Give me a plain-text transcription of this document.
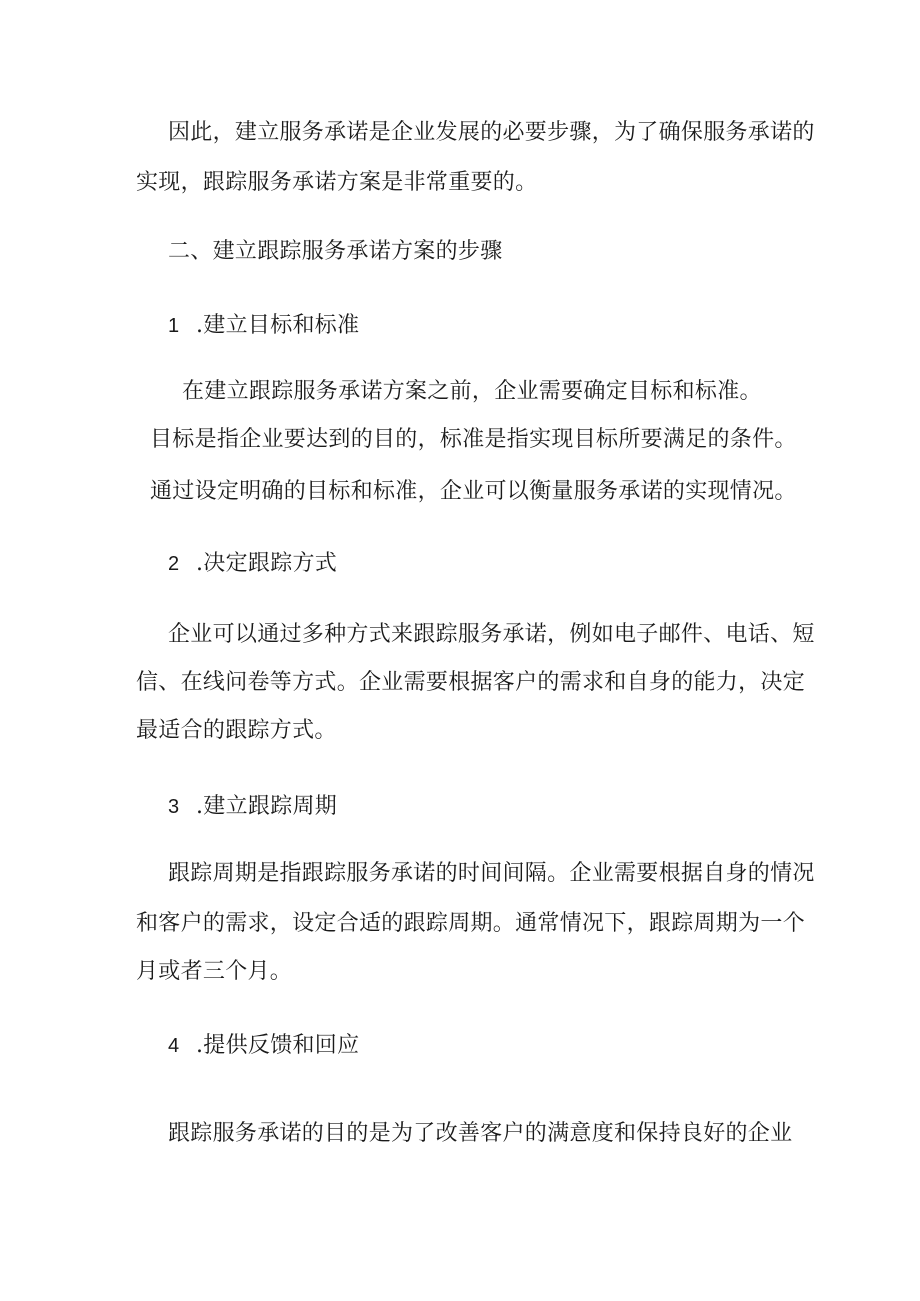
因此，建立服务承诺是企业发展的必要步骤，为了确保服务承诺的
实现，跟踪服务承诺方案是非常重要的。
二、建立跟踪服务承诺方案的步骤
1 .建立目标和标准
在建立跟踪服务承诺方案之前，企业需要确定目标和标准。
目标是指企业要达到的目的，标准是指实现目标所要满足的条件。
通过设定明确的目标和标准，企业可以衡量服务承诺的实现情况。
2 .决定跟踪方式
企业可以通过多种方式来跟踪服务承诺，例如电子邮件、电话、短
信、在线问卷等方式。企业需要根据客户的需求和自身的能力，决定
最适合的跟踪方式。
3 .建立跟踪周期
跟踪周期是指跟踪服务承诺的时间间隔。企业需要根据自身的情况
和客户的需求，设定合适的跟踪周期。通常情况下，跟踪周期为一个
月或者三个月。
4 .提供反馈和回应
跟踪服务承诺的目的是为了改善客户的满意度和保持良好的企业
